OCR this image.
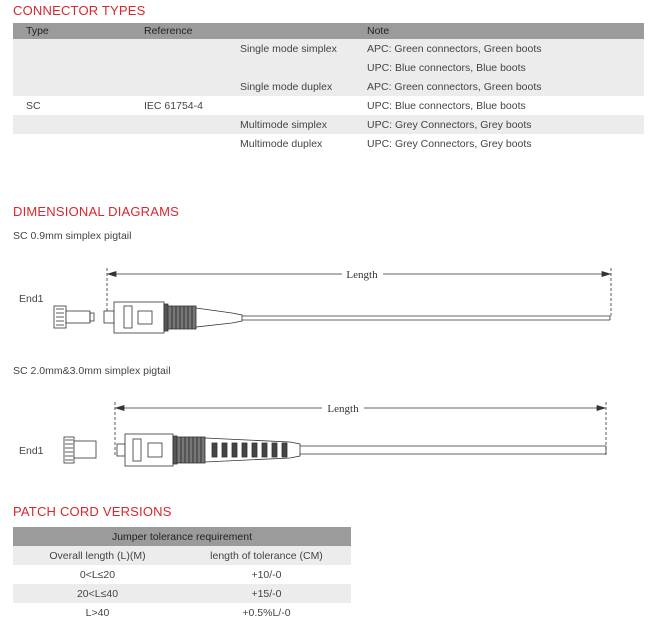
CONNECTOR TYPES
Type	Reference		Note
		Single mode simplex	APC: Green connectors, Green boots
			UPC: Blue connectors, Blue boots
		Single mode duplex	APC: Green connectors, Green boots
SC	IEC 61754-4		UPC: Blue connectors, Blue boots
		Multimode simplex	UPC: Grey Connectors, Grey boots
		Multimode duplex	UPC: Grey Connectors, Grey boots
DIMENSIONAL DIAGRAMS
SC 0.9mm simplex pigtail
End1
SC 2.0mm&3.0mm simplex pigtail
End1
Length
Length
PATCH CORD VERSIONS
Jumper tolerance requirement	
Overall length (L)(M)	length of tolerance (CM)
0<L≤20	+10/-0
20<L≤40	+15/-0
L>40	+0.5%L/-0
